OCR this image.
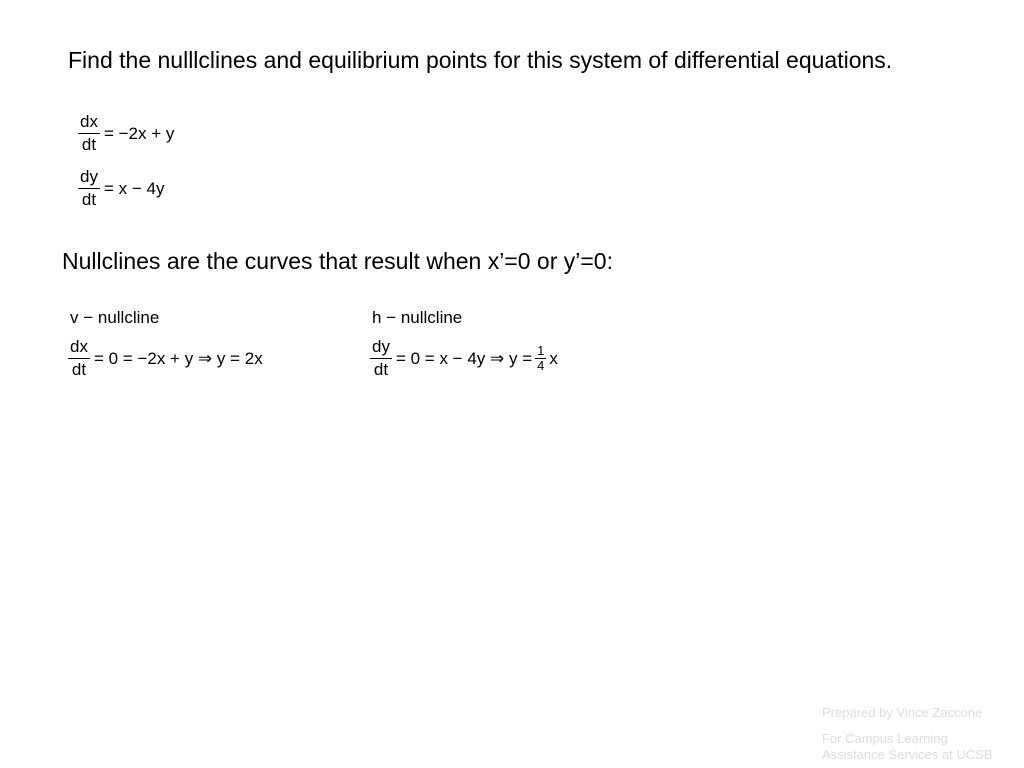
Find the nulllclines and equilibrium points for this system of differential equations.
$\frac{dx}{dt} = -2x + y$
$\frac{dy}{dt} = x - 4y$
Nullclines are the curves that result when x’=0 or y’=0:
v − nullcline
$\frac{dx}{dt} = 0 = -2x + y$ ⇒ y = 2x
h − nullcline
$\frac{dy}{dt} = 0 = x - 4y$ ⇒ $y = \frac{1}{4}$ x
Prepared by Vince Zaccone
For Campus Learning
Assistance Services at UCSB
